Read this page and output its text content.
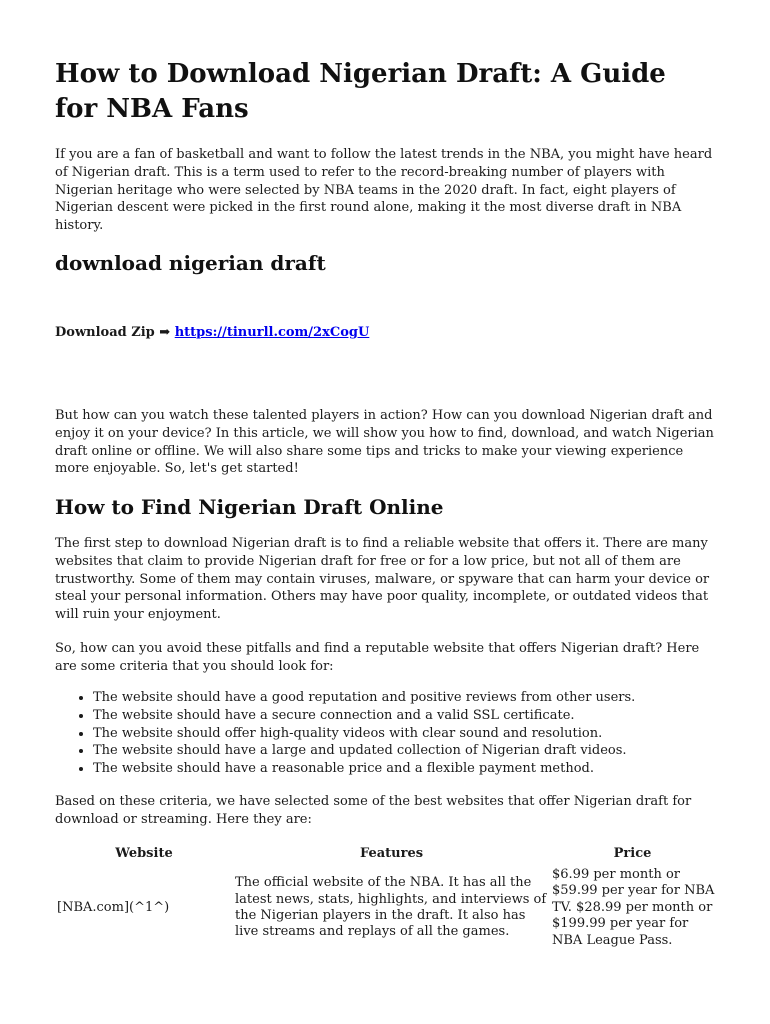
How to Download Nigerian Draft: A Guide for NBA Fans

If you are a fan of basketball and want to follow the latest trends in the NBA, you might have heard of Nigerian draft. This is a term used to refer to the record-breaking number of players with Nigerian heritage who were selected by NBA teams in the 2020 draft. In fact, eight players of Nigerian descent were picked in the first round alone, making it the most diverse draft in NBA history.

download nigerian draft
Download Zip ➡ https://tinurll.com/2xCogU

But how can you watch these talented players in action? How can you download Nigerian draft and enjoy it on your device? In this article, we will show you how to find, download, and watch Nigerian draft online or offline. We will also share some tips and tricks to make your viewing experience more enjoyable. So, let's get started!

How to Find Nigerian Draft Online

The first step to download Nigerian draft is to find a reliable website that offers it. There are many websites that claim to provide Nigerian draft for free or for a low price, but not all of them are trustworthy. Some of them may contain viruses, malware, or spyware that can harm your device or steal your personal information. Others may have poor quality, incomplete, or outdated videos that will ruin your enjoyment.

So, how can you avoid these pitfalls and find a reputable website that offers Nigerian draft? Here are some criteria that you should look for:

• The website should have a good reputation and positive reviews from other users.
• The website should have a secure connection and a valid SSL certificate.
• The website should offer high-quality videos with clear sound and resolution.
• The website should have a large and updated collection of Nigerian draft videos.
• The website should have a reasonable price and a flexible payment method.

Based on these criteria, we have selected some of the best websites that offer Nigerian draft for download or streaming. Here they are:

Website	Features	Price
[NBA.com](^1^)	The official website of the NBA. It has all the latest news, stats, highlights, and interviews of the Nigerian players in the draft. It also has live streams and replays of all the games.	$6.99 per month or $59.99 per year for NBA TV. $28.99 per month or $199.99 per year for NBA League Pass.
